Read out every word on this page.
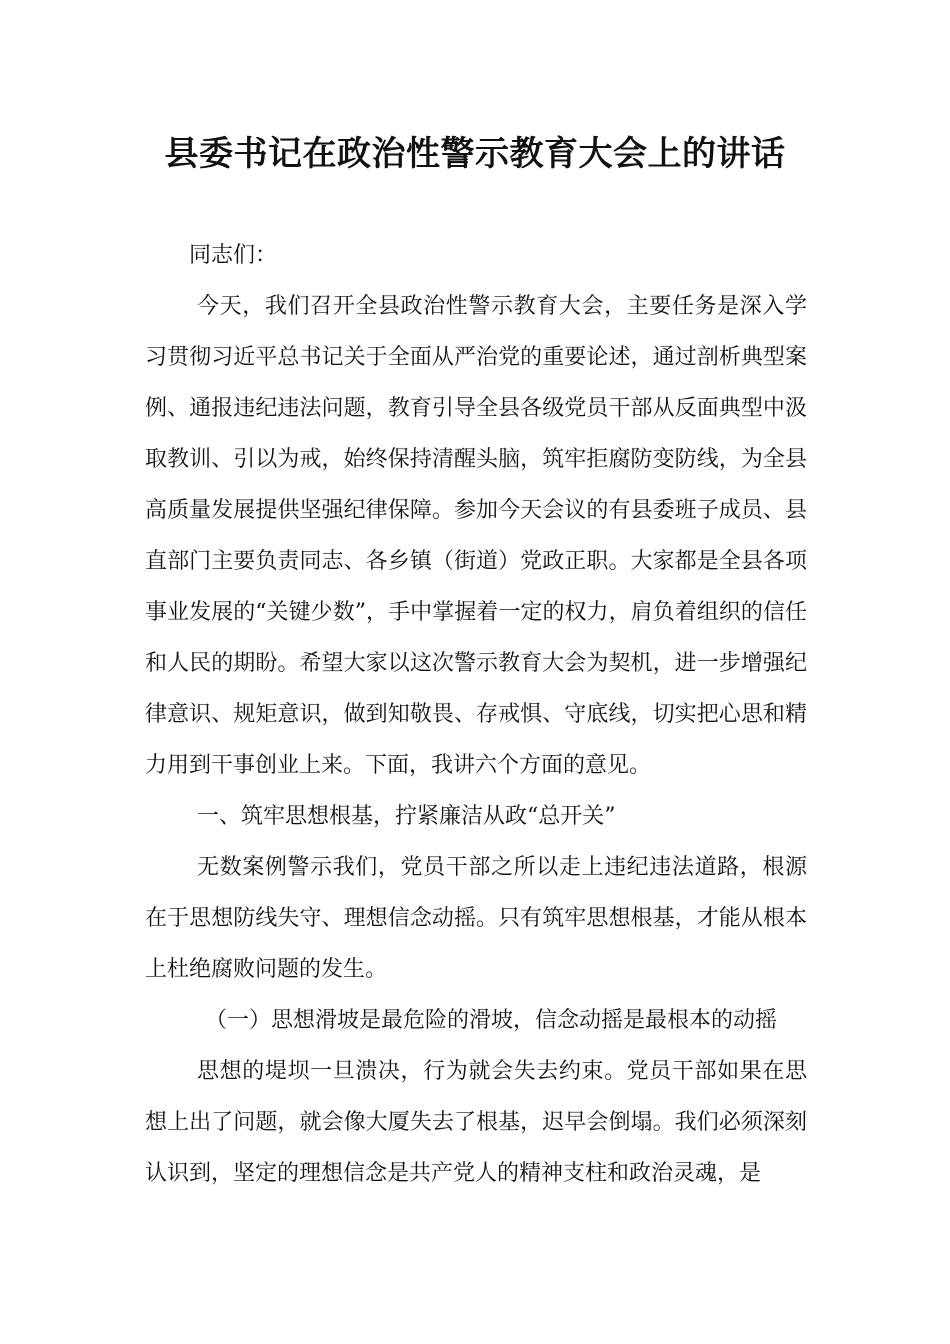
县委书记在政治性警示教育大会上的讲话

同志们：

今天，我们召开全县政治性警示教育大会，主要任务是深入学习贯彻习近平总书记关于全面从严治党的重要论述，通过剖析典型案例、通报违纪违法问题，教育引导全县各级党员干部从反面典型中汲取教训、引以为戒，始终保持清醒头脑，筑牢拒腐防变防线，为全县高质量发展提供坚强纪律保障。参加今天会议的有县委班子成员、县直部门主要负责同志、各乡镇（街道）党政正职。大家都是全县各项事业发展的“关键少数”，手中掌握着一定的权力，肩负着组织的信任和人民的期盼。希望大家以这次警示教育大会为契机，进一步增强纪律意识、规矩意识，做到知敬畏、存戒惧、守底线，切实把心思和精力用到干事创业上来。下面，我讲六个方面的意见。

一、筑牢思想根基，拧紧廉洁从政“总开关”

无数案例警示我们，党员干部之所以走上违纪违法道路，根源在于思想防线失守、理想信念动摇。只有筑牢思想根基，才能从根本上杜绝腐败问题的发生。

（一）思想滑坡是最危险的滑坡，信念动摇是最根本的动摇

思想的堤坝一旦溃决，行为就会失去约束。党员干部如果在思想上出了问题，就会像大厦失去了根基，迟早会倒塌。我们必须深刻认识到，坚定的理想信念是共产党人的精神支柱和政治灵魂，是
